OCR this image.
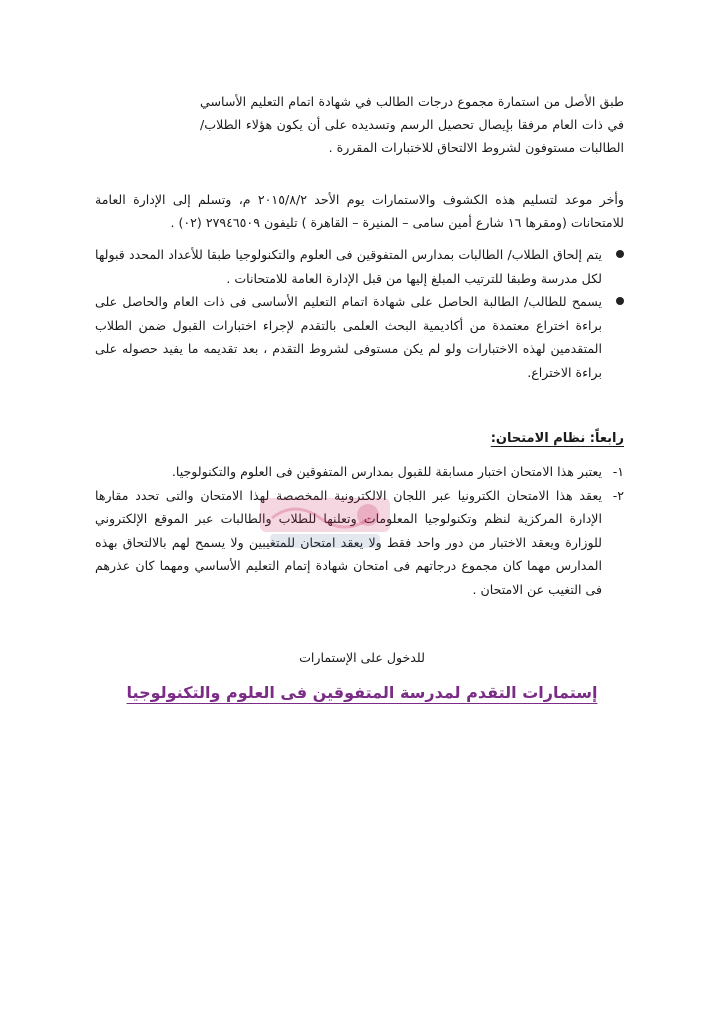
طبق الأصل من استمارة مجموع درجات الطالب في شهادة اتمام التعليم الأساسي في ذات العام مرفقا بإيصال تحصيل الرسم وتسديده على أن يكون هؤلاء الطلاب/ الطالبات مستوفون لشروط الالتحاق للاختبارات المقررة .

وأخر موعد لتسليم هذه الكشوف والاستمارات يوم الأحد ٢٠١٥/٨/٢ م، وتسلم إلى الإدارة العامة للامتحانات (ومقرها ١٦ شارع أمين سامى – المنيرة – القاهرة ) تليفون ٢٧٩٤٦٥٠٩ (٠٢) .

يتم إلحاق الطلاب/ الطالبات بمدارس المتفوقين فى العلوم والتكنولوجيا طبقا للأعداد المحدد قبولها لكل مدرسة وطبقا للترتيب المبلغ إليها من قبل الإدارة العامة للامتحانات .
يسمح للطالب/ الطالبة الحاصل على شهادة اتمام التعليم الأساسى فى ذات العام والحاصل على براءة اختراع معتمدة من أكاديمية البحث العلمى بالتقدم لإجراء اختبارات القبول ضمن الطلاب المتقدمين لهذه الاختبارات ولو لم يكن مستوفى لشروط التقدم ، بعد تقديمه ما يفيد حصوله على براءة الاختراع.
رابعاً: نظام الامتحان:
١-
يعتبر هذا الامتحان اختبار مسابقة للقبول بمدارس المتفوقين فى العلوم والتكنولوجيا.
٢-
يعقد هذا الامتحان الكترونيا عبر اللجان الالكترونية المخصصة لهذا الامتحان والتى تحدد مقارها الإدارة المركزية لنظم وتكنولوجيا المعلومات وتعلنها للطلاب والطالبات عبر الموقع الإلكتروني للوزارة ويعقد الاختبار من دور واحد فقط ولا يعقد امتحان للمتغيبين ولا يسمح لهم بالالتحاق بهذه المدارس مهما كان مجموع درجاتهم فى امتحان شهادة إتمام التعليم الأساسي ومهما كان عذرهم فى التغيب عن الامتحان .
للدخول على الإستمارات
إستمارات التقدم لمدرسة المتفوقين فى العلوم والتكنولوجيا
